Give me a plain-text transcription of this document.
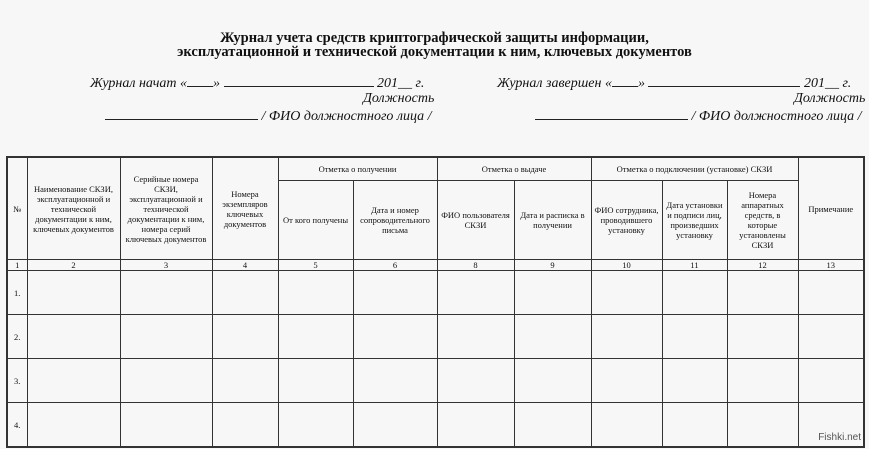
Журнал учета средств криптографической защиты информации,
эксплуатационной и технической документации к ним, ключевых документов
Журнал начат « »	201__ г.	Журнал завершен « »	201__ г.
Должность	Должность
/ ФИО должностного лица /	/ ФИО должностного лица /
№	Наименование СКЗИ, эксплуатационной и технической документации к ним, ключевых документов	Серийные номера СКЗИ, эксплуатационной и технической документации к ним, номера серий ключевых документов	Номера экземпляров ключевых документов	Отметка о получении		Отметка о выдаче		Отметка о подключении (установке) СКЗИ			Примечание
				От кого получены	Дата и номер сопроводительного письма	ФИО пользователя СКЗИ	Дата и расписка в получении	ФИО сотрудника, проводившего установку	Дата установки и подписи лиц, произведших установку	Номера аппаратных средств, в которые установлены СКЗИ	
1	2	3	4	5	6	8	9	10	11	12	13
1.											
2.											
3.											
4.											
Fishki.net
